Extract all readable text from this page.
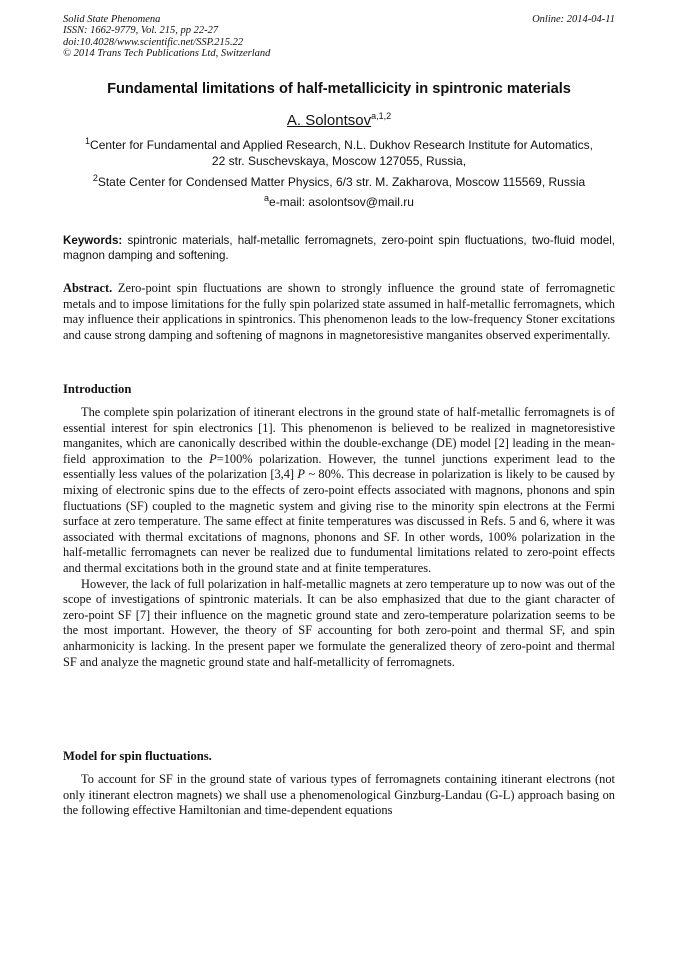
Solid State Phenomena
ISSN: 1662-9779, Vol. 215, pp 22-27
doi:10.4028/www.scientific.net/SSP.215.22
© 2014 Trans Tech Publications Ltd, Switzerland
Online: 2014-04-11
Fundamental limitations of half-metallicicity in spintronic materials
A. Solontsov$^{a,1,2}$
$^1$Center for Fundamental and Applied Research, N.L. Dukhov Research Institute for Automatics,
22 str. Suschevskaya, Moscow 127055, Russia,
$^2$State Center for Condensed Matter Physics, 6/3 str. M. Zakharova, Moscow 115569, Russia
$^a$e-mail: asolontsov@mail.ru
Keywords: spintronic materials, half-metallic ferromagnets, zero-point spin fluctuations, two-fluid model, magnon damping and softening.

Abstract. Zero-point spin fluctuations are shown to strongly influence the ground state of ferromagnetic metals and to impose limitations for the fully spin polarized state assumed in half-metallic ferromagnets, which may influence their applications in spintronics. This phenomenon leads to the low-frequency Stoner excitations and cause strong damping and softening of magnons in magnetoresistive manganites observed experimentally.

Introduction

The complete spin polarization of itinerant electrons in the ground state of half-metallic ferromagnets is of essential interest for spin electronics [1]. This phenomenon is believed to be realized in magnetoresistive manganites, which are canonically described within the double-exchange (DE) model [2] leading in the mean-field approximation to the P=100% polarization. However, the tunnel junctions experiment lead to the essentially less values of the polarization [3,4] P ~ 80%. This decrease in polarization is likely to be caused by mixing of electronic spins due to the effects of zero-point effects associated with magnons, phonons and spin fluctuations (SF) coupled to the magnetic system and giving rise to the minority spin electrons at the Fermi surface at zero temperature. The same effect at finite temperatures was discussed in Refs. 5 and 6, where it was associated with thermal excitations of magnons, phonons and SF. In other words, 100% polarization in the half-metallic ferromagnets can never be realized due to fundumental limitations related to zero-point effects and thermal excitations both in the ground state and at finite temperatures.

However, the lack of full polarization in half-metallic magnets at zero temperature up to now was out of the scope of investigations of spintronic materials. It can be also emphasized that due to the giant character of zero-point SF [7] their influence on the magnetic ground state and zero-temperature polarization seems to be the most important. However, the theory of SF accounting for both zero-point and thermal SF, and spin anharmonicity is lacking. In the present paper we formulate the generalized theory of zero-point and thermal SF and analyze the magnetic ground state and half-metallicity of ferromagnets.

Model for spin fluctuations.

To account for SF in the ground state of various types of ferromagnets containing itinerant electrons (not only itinerant electron magnets) we shall use a phenomenological Ginzburg-Landau (G-L) approach basing on the following effective Hamiltonian and time-dependent equations
